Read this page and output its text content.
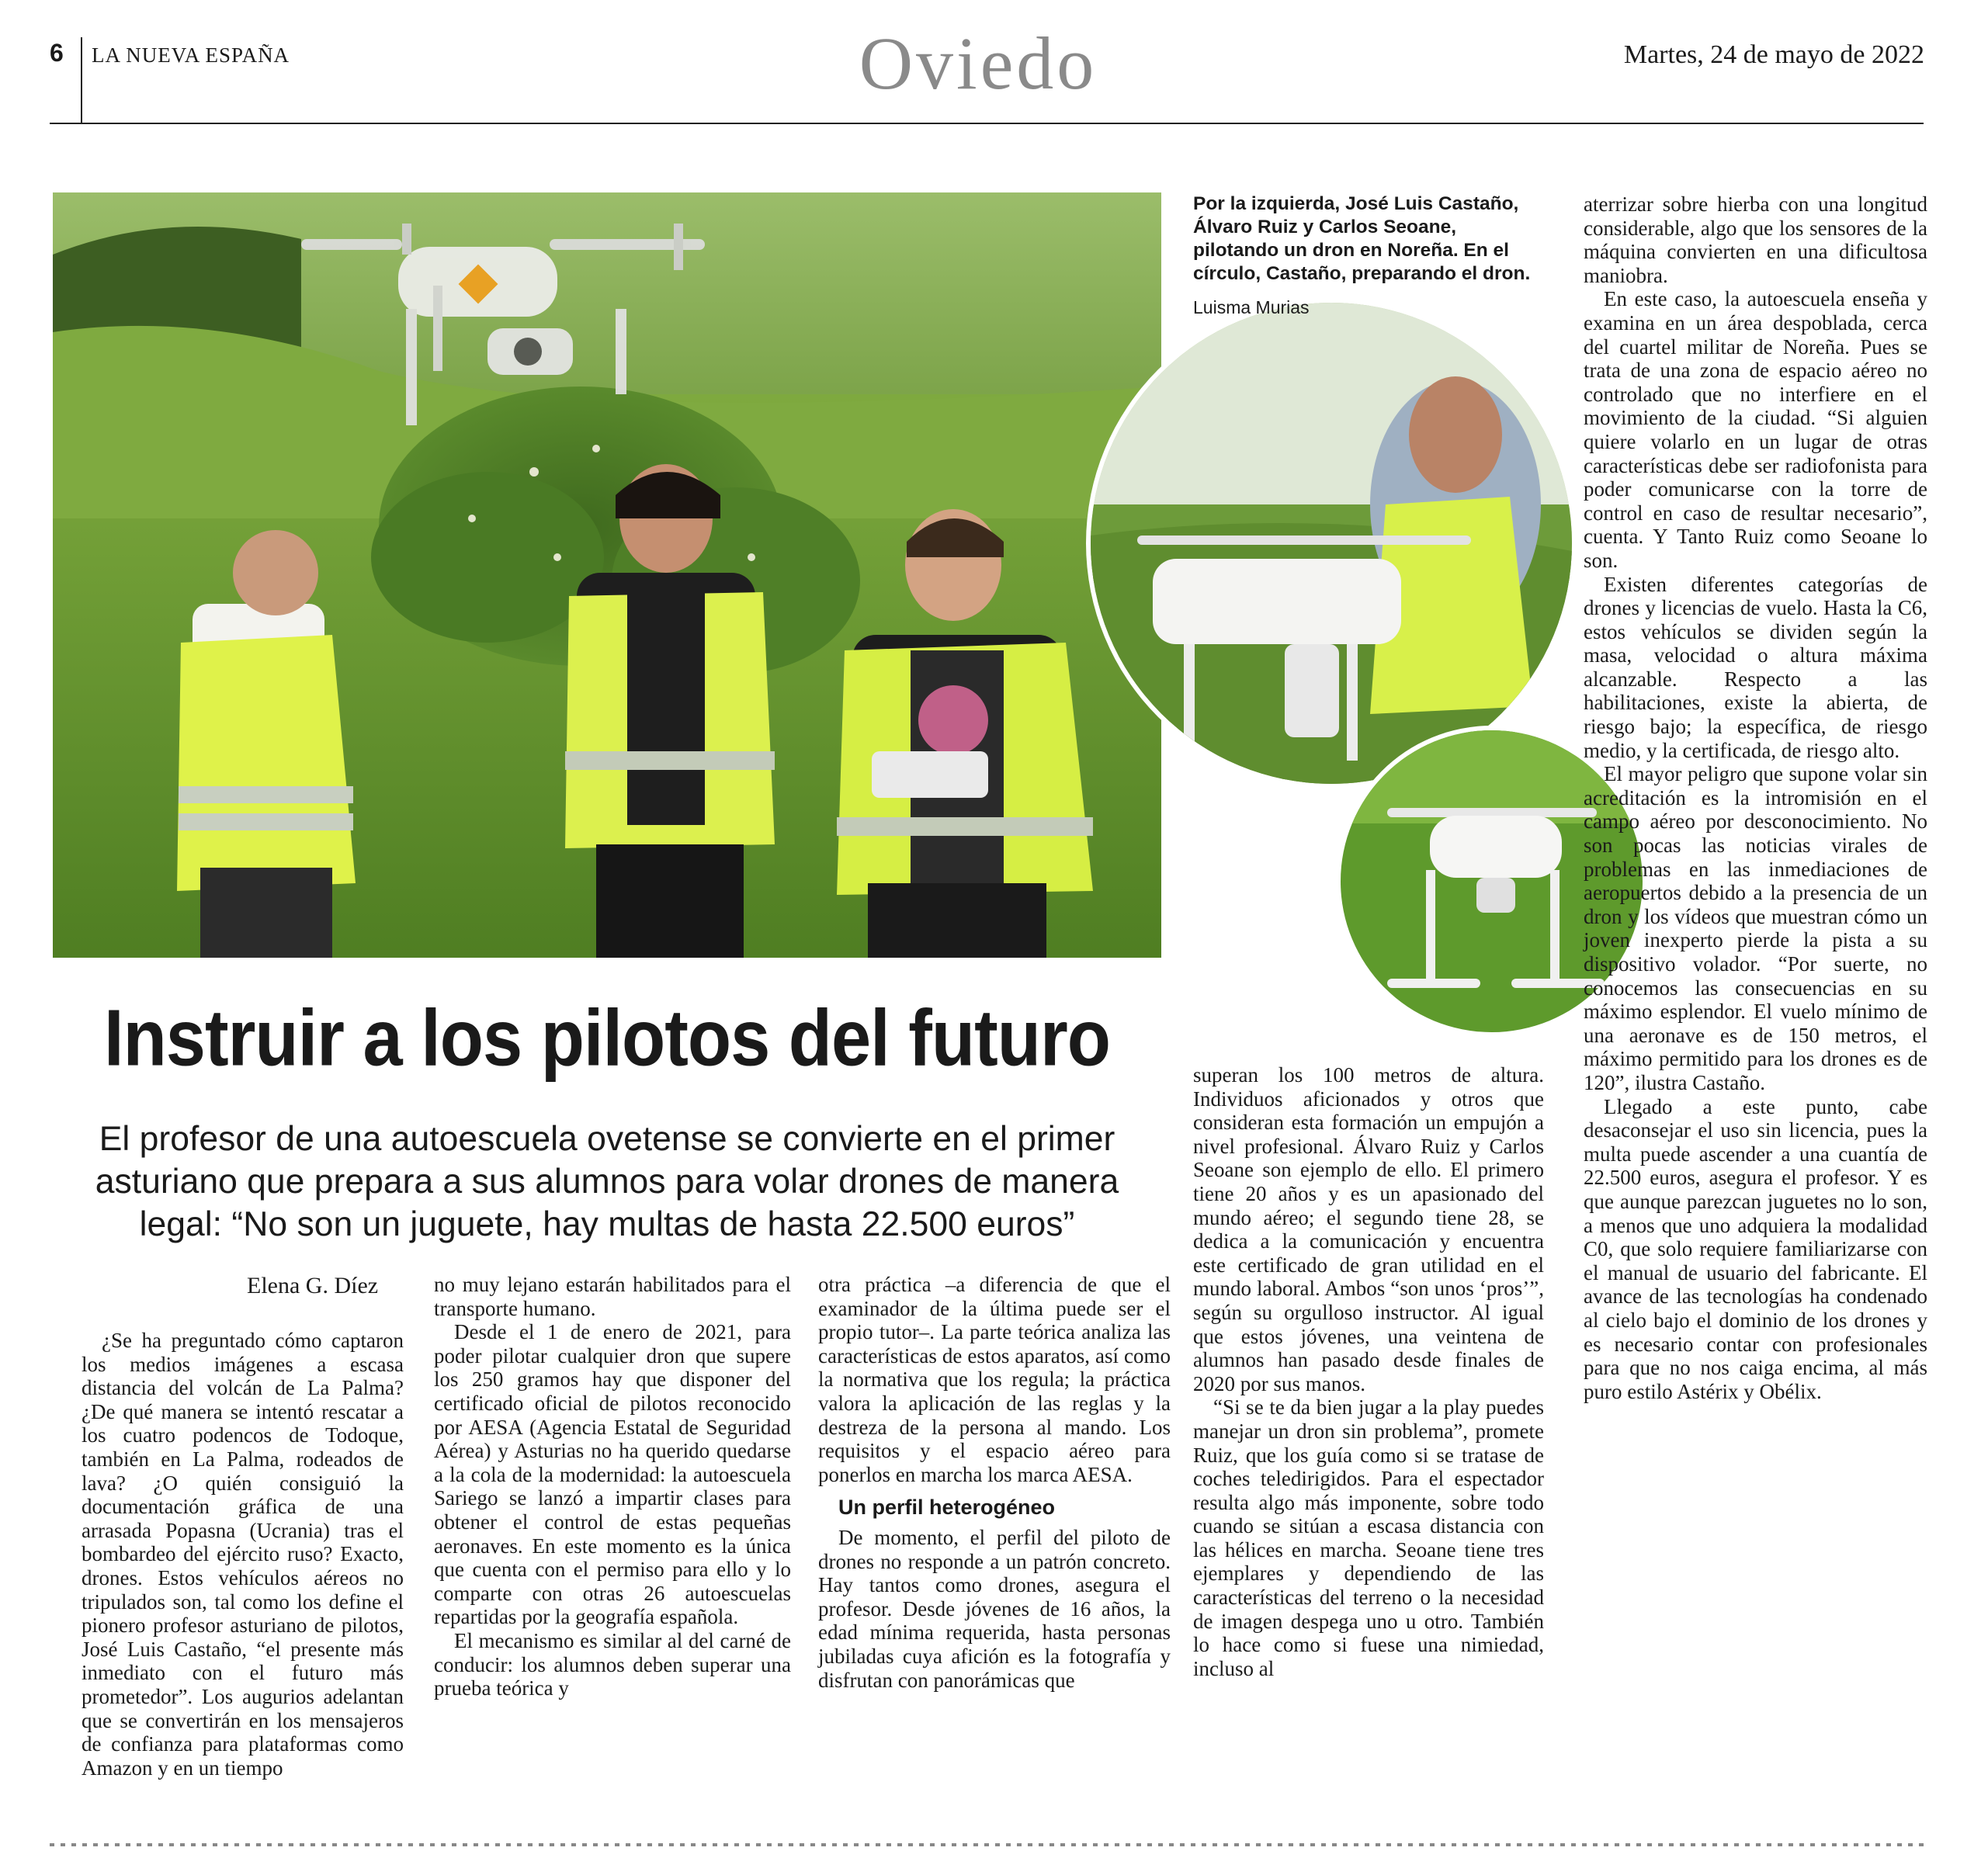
6 LA NUEVA ESPAÑA	Oviedo	Martes, 24 de mayo de 2022
Por la izquierda, José Luis Castaño, Álvaro Ruiz y Carlos Seoane, pilotando un dron en Noreña. En el círculo, Castaño, preparando el dron.
Luisma Murias
Instruir a los pilotos del futuro
El profesor de una autoescuela ovetense se convierte en el primer asturiano que prepara a sus alumnos para volar drones de manera legal: “No son un juguete, hay multas de hasta 22.500 euros”
Elena G. Díez

¿Se ha preguntado cómo captaron los medios imágenes a escasa distancia del volcán de La Palma? ¿De qué manera se intentó rescatar a los cuatro podencos de Todoque, también en La Palma, rodeados de lava? ¿O quién consiguió la documentación gráfica de una arrasada Popasna (Ucrania) tras el bombardeo del ejército ruso? Exacto, drones. Estos vehículos aéreos no tripulados son, tal como los define el pionero profesor asturiano de pilotos, José Luis Castaño, “el presente más inmediato con el futuro más prometedor”. Los augurios adelantan que se convertirán en los mensajeros de confianza para plataformas como Amazon y en un tiempo

no muy lejano estarán habilitados para el transporte humano.

Desde el 1 de enero de 2021, para poder pilotar cualquier dron que supere los 250 gramos hay que disponer del certificado oficial de pilotos reconocido por AESA (Agencia Estatal de Seguridad Aérea) y Asturias no ha querido quedarse a la cola de la modernidad: la autoescuela Sariego se lanzó a impartir clases para obtener el control de estas pequeñas aeronaves. En este momento es la única que cuenta con el permiso para ello y lo comparte con otras 26 autoescuelas repartidas por la geografía española.

El mecanismo es similar al del carné de conducir: los alumnos deben superar una prueba teórica y

otra práctica –a diferencia de que el examinador de la última puede ser el propio tutor–. La parte teórica analiza las características de estos aparatos, así como la normativa que los regula; la práctica valora la aplicación de las reglas y la destreza de la persona al mando. Los requisitos y el espacio aéreo para ponerlos en marcha los marca AESA.

Un perfil heterogéneo

De momento, el perfil del piloto de drones no responde a un patrón concreto. Hay tantos como drones, asegura el profesor. Desde jóvenes de 16 años, la edad mínima requerida, hasta personas jubiladas cuya afición es la fotografía y disfrutan con panorámicas que

superan los 100 metros de altura. Individuos aficionados y otros que consideran esta formación un empujón a nivel profesional. Álvaro Ruiz y Carlos Seoane son ejemplo de ello. El primero tiene 20 años y es un apasionado del mundo aéreo; el segundo tiene 28, se dedica a la comunicación y encuentra este certificado de gran utilidad en el mundo laboral. Ambos “son unos ‘pros’”, según su orgulloso instructor. Al igual que estos jóvenes, una veintena de alumnos han pasado desde finales de 2020 por sus manos.

“Si se te da bien jugar a la play puedes manejar un dron sin problema”, promete Ruiz, que los guía como si se tratase de coches teledirigidos. Para el espectador resulta algo más imponente, sobre todo cuando se sitúan a escasa distancia con las hélices en marcha. Seoane tiene tres ejemplares y dependiendo de las características del terreno o la necesidad de imagen despega uno u otro. También lo hace como si fuese una nimiedad, incluso al

aterrizar sobre hierba con una longitud considerable, algo que los sensores de la máquina convierten en una dificultosa maniobra.

En este caso, la autoescuela enseña y examina en un área despoblada, cerca del cuartel militar de Noreña. Pues se trata de una zona de espacio aéreo no controlado que no interfiere en el movimiento de la ciudad. “Si alguien quiere volarlo en un lugar de otras características debe ser radiofonista para poder comunicarse con la torre de control en caso de resultar necesario”, cuenta. Y Tanto Ruiz como Seoane lo son.

Existen diferentes categorías de drones y licencias de vuelo. Hasta la C6, estos vehículos se dividen según la masa, velocidad o altura máxima alcanzable. Respecto a las habilitaciones, existe la abierta, de riesgo bajo; la específica, de riesgo medio, y la certificada, de riesgo alto.

El mayor peligro que supone volar sin acreditación es la intromisión en el campo aéreo por desconocimiento. No son pocas las noticias virales de problemas en las inmediaciones de aeropuertos debido a la presencia de un dron y los vídeos que muestran cómo un joven inexperto pierde la pista a su dispositivo volador. “Por suerte, no conocemos las consecuencias en su máximo esplendor. El vuelo mínimo de una aeronave es de 150 metros, el máximo permitido para los drones es de 120”, ilustra Castaño.

Llegado a este punto, cabe desaconsejar el uso sin licencia, pues la multa puede ascender a una cuantía de 22.500 euros, asegura el profesor. Y es que aunque parezcan juguetes no lo son, a menos que uno adquiera la modalidad C0, que solo requiere familiarizarse con el manual de usuario del fabricante. El avance de las tecnologías ha condenado al cielo bajo el dominio de los drones y es necesario contar con profesionales para que no nos caiga encima, al más puro estilo Astérix y Obélix.
